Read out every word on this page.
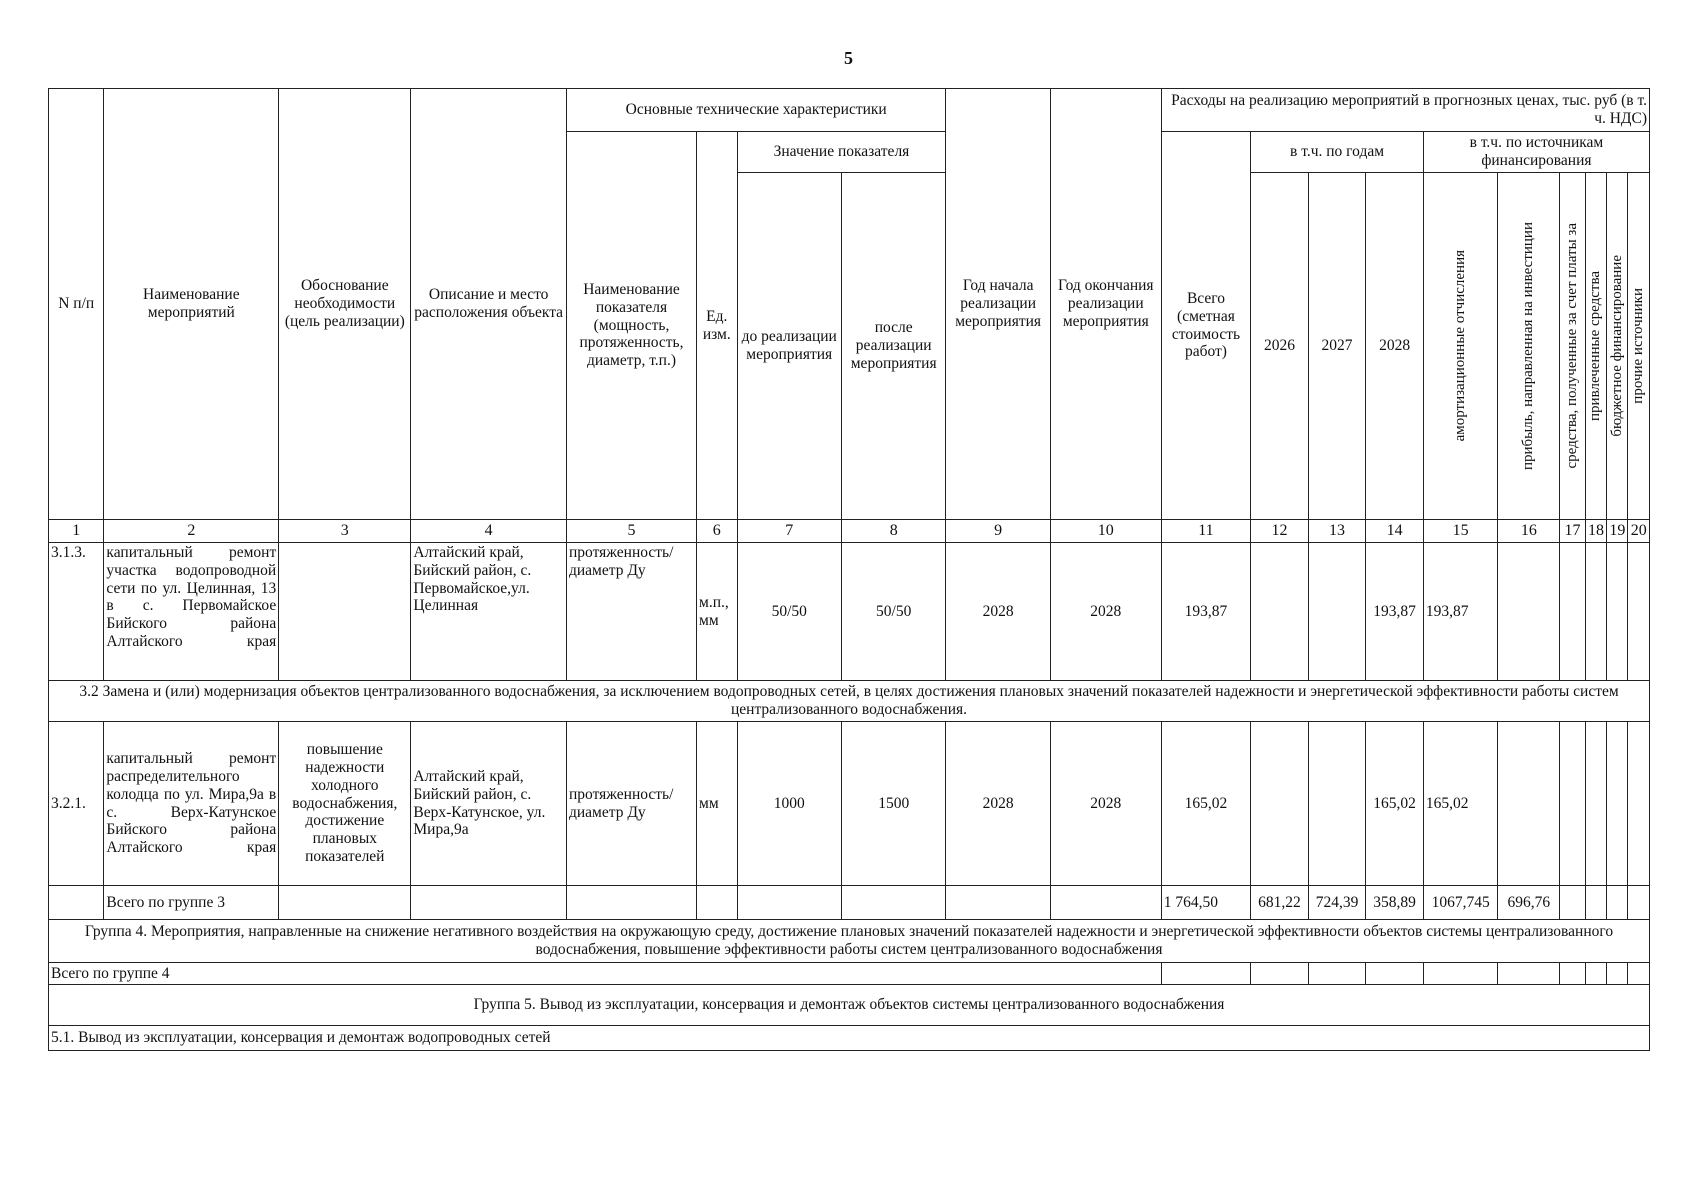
5
N п/п	Наименование мероприятий	Обоснование необходимости (цель реализации)	Описание и место расположения объекта	Основные технические характеристики				Год начала реализации мероприятия	Год окончания реализации мероприятия	Расходы на реализацию мероприятий в прогнозных ценах, тыс. руб (в т. ч. НДС)									
				Наименование показателя (мощность, протяженность, диаметр, т.п.)	Ед. изм.	Значение показателя				Всего (сметная стоимость работ)	в т.ч. по годам			в т.ч. по источникам финансирования					
						до реализации мероприятия	после реализации мероприятия				2026	2027	2028	амортизационные отчисления	прибыль, направленная на инвестиции	средства, полученные за счет платы за	привлеченные средства	бюджетное финансирование	прочие источники

1	2	3	4	5	6	7	8	9	10	11	12	13	14	15	16	17	18	19	20
3.1.3.	капитальный ремонт участка водопроводной сети по ул. Целинная, 13 в с. Первомайское Бийского района Алтайского края		Алтайский край, Бийский район, с. Первомайское,ул. Целинная	протяженность/ диаметр Ду	м.п., мм	50/50	50/50	2028	2028	193,87			193,87	193,87					
3.2 Замена и (или) модернизация объектов централизованного водоснабжения, за исключением водопроводных сетей, в целях достижения плановых значений показателей надежности и энергетической эффективности работы систем централизованного водоснабжения.																			
3.2.1.	капитальный ремонт распределительного колодца по ул. Мира,9а в с. Верх-Катунское Бийского района Алтайского края	повышение надежности холодного водоснабжения, достижение плановых показателей	Алтайский край, Бийский район, с. Верх-Катунское, ул. Мира,9а	протяженность/ диаметр Ду	мм	1000	1500	2028	2028	165,02			165,02	165,02					
	Всего по группе 3									1 764,50	681,22	724,39	358,89	1067,745	696,76				
Группа 4. Мероприятия, направленные на снижение негативного воздействия на окружающую среду, достижение плановых значений показателей надежности и энергетической эффективности объектов системы централизованного водоснабжения, повышение эффективности работы систем централизованного водоснабжения																			
Всего по группе 4																			
Группа 5. Вывод из эксплуатации, консервация и демонтаж объектов системы централизованного водоснабжения																			
5.1. Вывод из эксплуатации, консервация и демонтаж водопроводных сетей																			
